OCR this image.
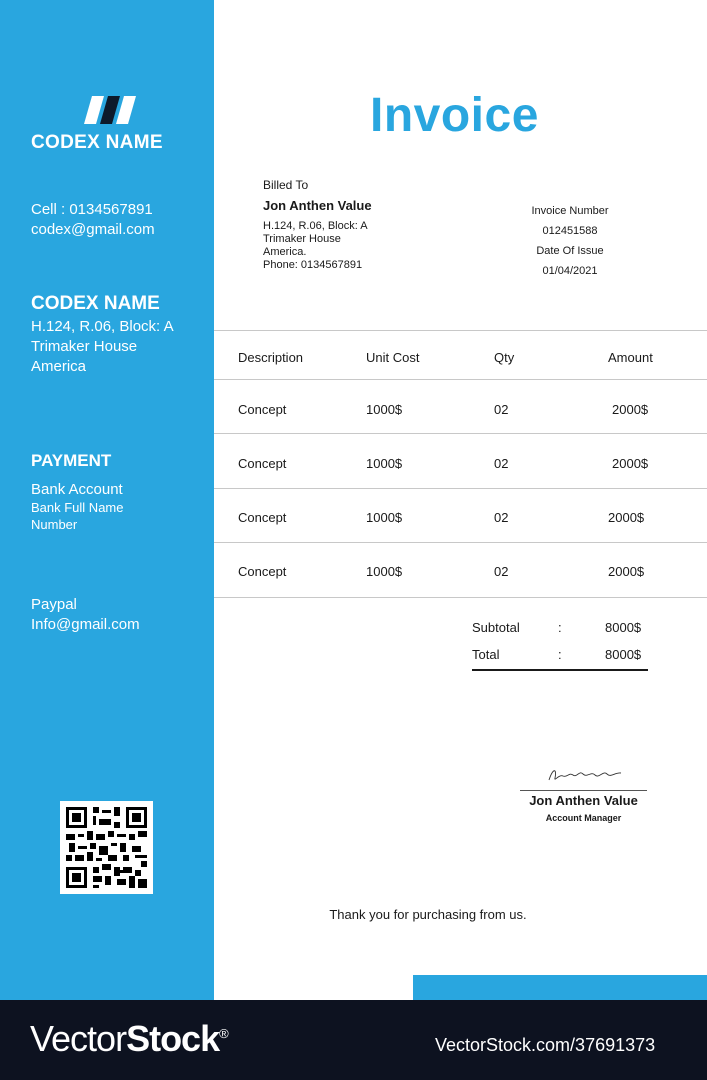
CODEX NAME
Cell : 0134567891
codex@gmail.com
CODEX NAME
H.124, R.06, Block: A
Trimaker House
America
PAYMENT
Bank Account
Bank Full Name
Number
Paypal
Info@gmail.com
Invoice
Billed To
Jon Anthen Value
H.124, R.06, Block: A
Trimaker House
America.
Phone: 0134567891
Invoice Number
012451588
Date Of Issue
01/04/2021
Description	Unit Cost	Qty	Amount
Concept	1000$	02	2000$
Concept	1000$	02	2000$
Concept	1000$	02	2000$
Concept	1000$	02	2000$
Subtotal	:	8000$
Total	:	8000$
Jon Anthen Value
Account Manager
Thank you for purchasing from us.
VectorStock®
VectorStock.com/37691373
